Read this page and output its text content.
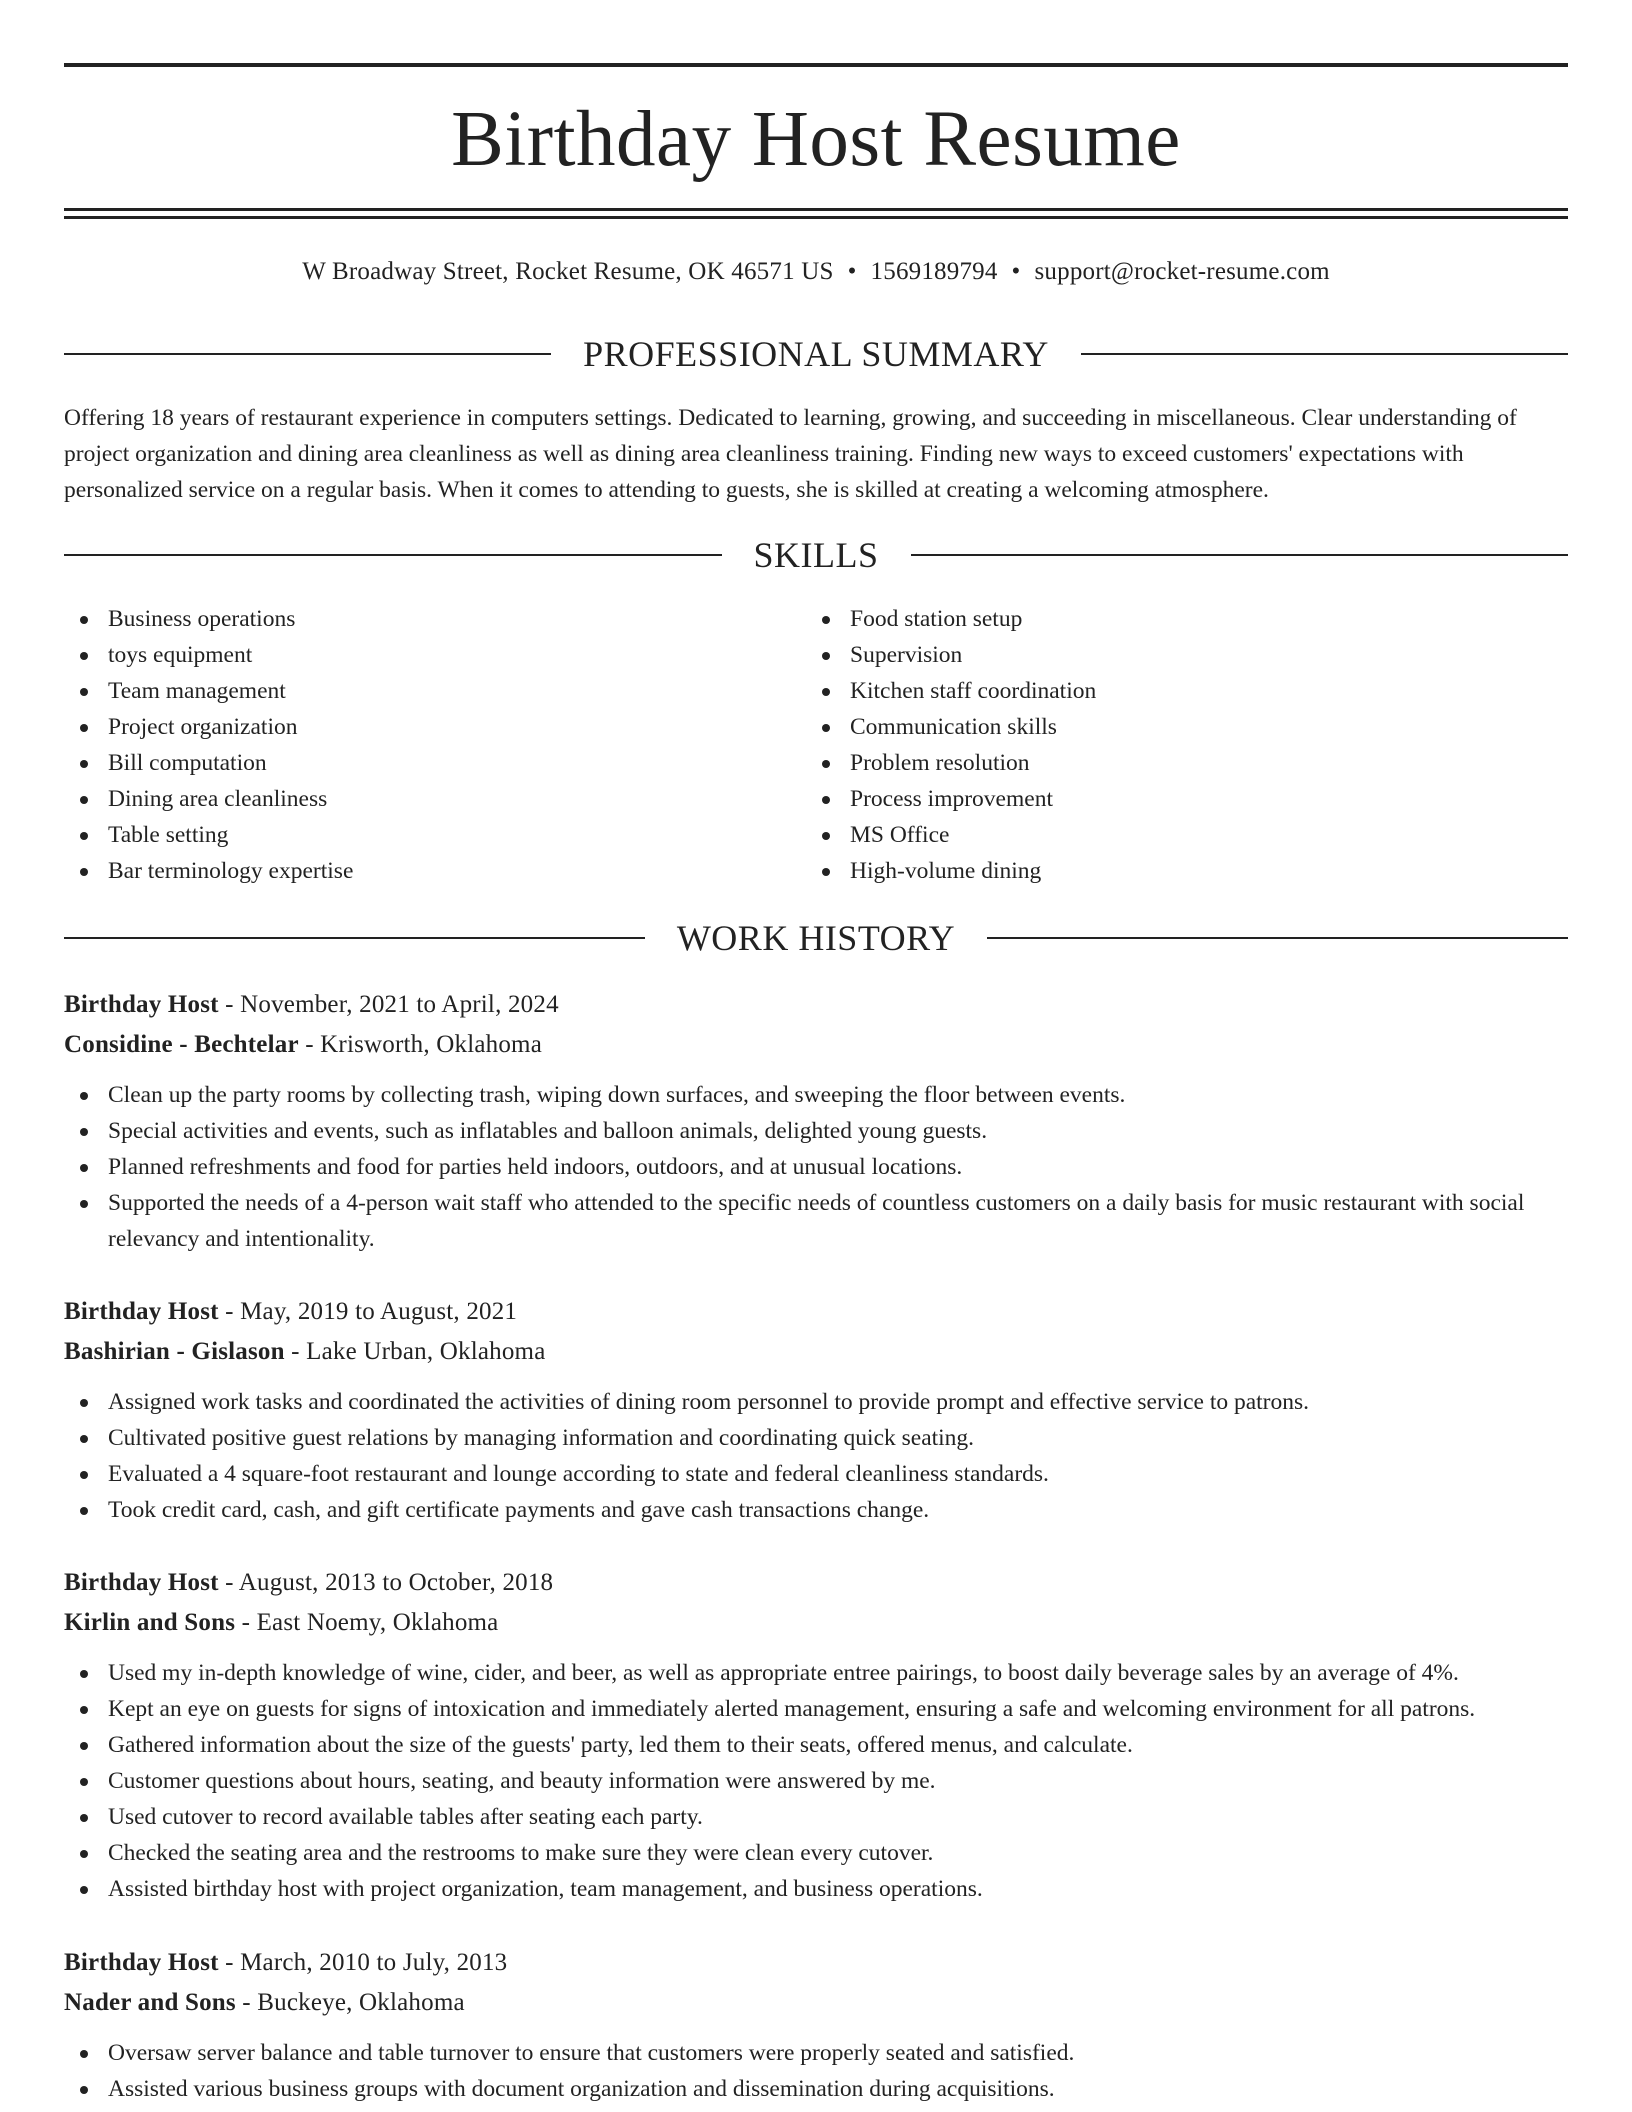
Birthday Host Resume
W Broadway Street, Rocket Resume, OK 46571 US • 1569189794 • support@rocket-resume.com
PROFESSIONAL SUMMARY
Offering 18 years of restaurant experience in computers settings. Dedicated to learning, growing, and succeeding in miscellaneous. Clear understanding of project organization and dining area cleanliness as well as dining area cleanliness training. Finding new ways to exceed customers' expectations with personalized service on a regular basis. When it comes to attending to guests, she is skilled at creating a welcoming atmosphere.
SKILLS
Business operations
toys equipment
Team management
Project organization
Bill computation
Dining area cleanliness
Table setting
Bar terminology expertise
Food station setup
Supervision
Kitchen staff coordination
Communication skills
Problem resolution
Process improvement
MS Office
High-volume dining
WORK HISTORY
Birthday Host - November, 2021 to April, 2024
Considine - Bechtelar - Krisworth, Oklahoma
Clean up the party rooms by collecting trash, wiping down surfaces, and sweeping the floor between events.
Special activities and events, such as inflatables and balloon animals, delighted young guests.
Planned refreshments and food for parties held indoors, outdoors, and at unusual locations.
Supported the needs of a 4-person wait staff who attended to the specific needs of countless customers on a daily basis for music restaurant with social relevancy and intentionality.
Birthday Host - May, 2019 to August, 2021
Bashirian - Gislason - Lake Urban, Oklahoma
Assigned work tasks and coordinated the activities of dining room personnel to provide prompt and effective service to patrons.
Cultivated positive guest relations by managing information and coordinating quick seating.
Evaluated a 4 square-foot restaurant and lounge according to state and federal cleanliness standards.
Took credit card, cash, and gift certificate payments and gave cash transactions change.
Birthday Host - August, 2013 to October, 2018
Kirlin and Sons - East Noemy, Oklahoma
Used my in-depth knowledge of wine, cider, and beer, as well as appropriate entree pairings, to boost daily beverage sales by an average of 4%.
Kept an eye on guests for signs of intoxication and immediately alerted management, ensuring a safe and welcoming environment for all patrons.
Gathered information about the size of the guests' party, led them to their seats, offered menus, and calculate.
Customer questions about hours, seating, and beauty information were answered by me.
Used cutover to record available tables after seating each party.
Checked the seating area and the restrooms to make sure they were clean every cutover.
Assisted birthday host with project organization, team management, and business operations.
Birthday Host - March, 2010 to July, 2013
Nader and Sons - Buckeye, Oklahoma
Oversaw server balance and table turnover to ensure that customers were properly seated and satisfied.
Assisted various business groups with document organization and dissemination during acquisitions.
